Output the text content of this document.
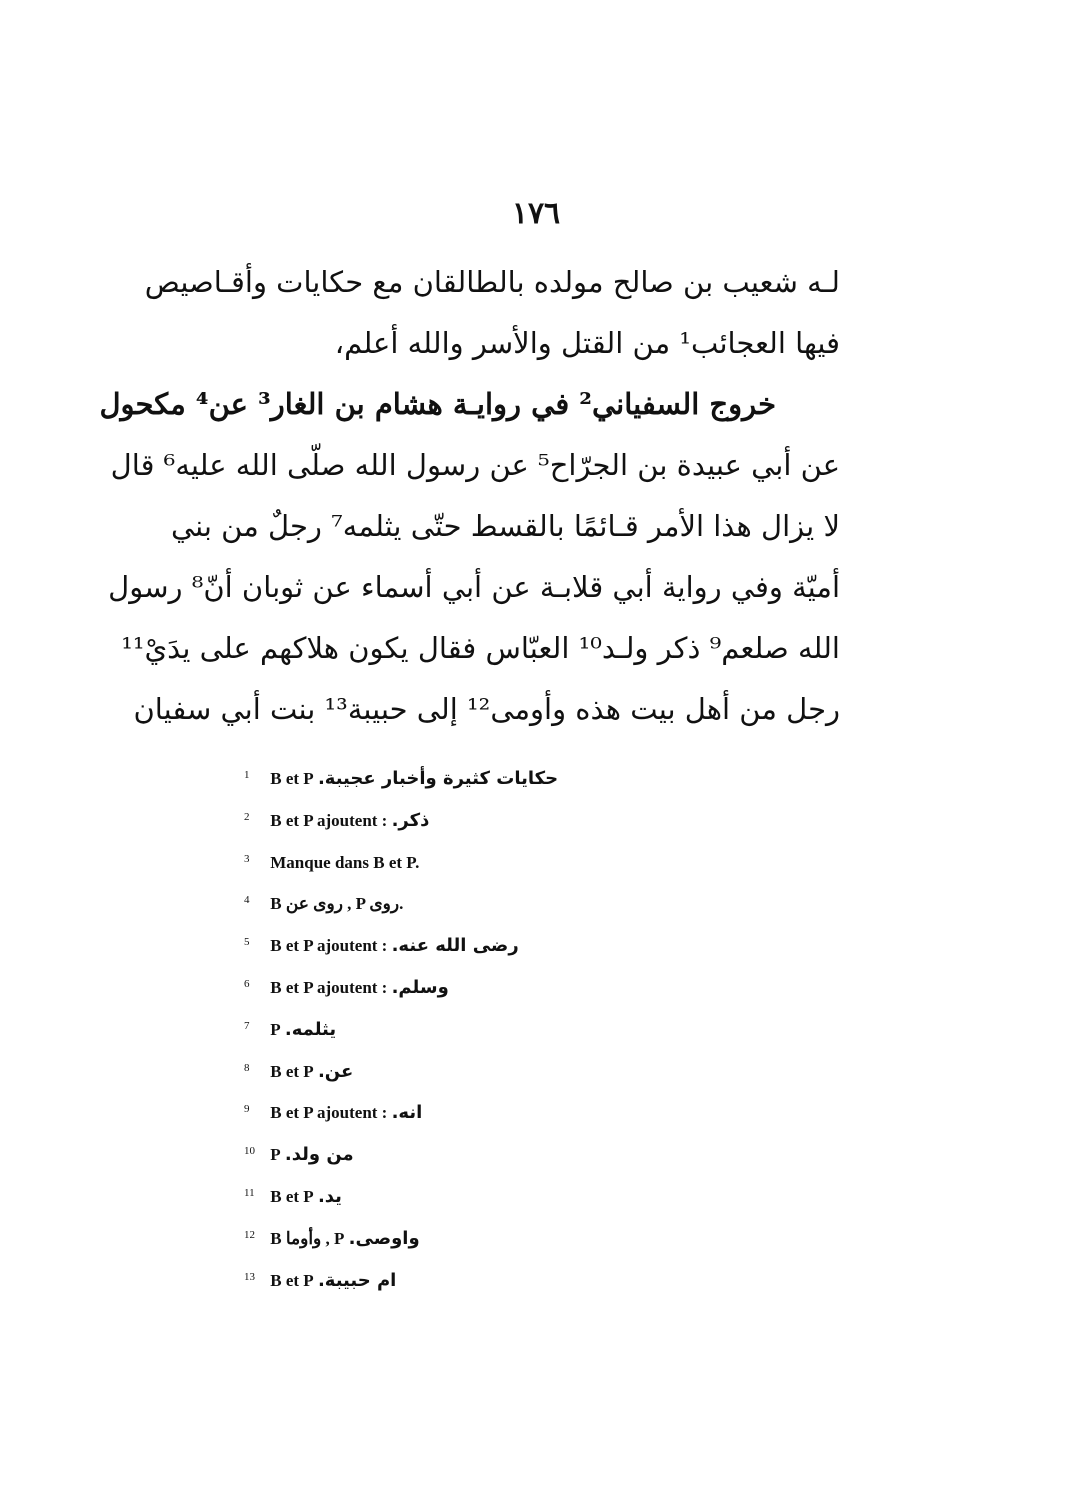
١٧٦
لـه شعيب بن صالح مولده بالطالقان مع حكايات وأقـاصيص
فيها العجائب¹ من القتل والأسر والله أعلم،
خروج السفياني² في روايـة هشام بن الغار³ عن⁴ مكحول
عن أبي عبيدة بن الجرّاح⁵ عن رسول الله صلّى الله عليه⁶ قال
لا يزال هذا الأمر قـائمًا بالقسط حتّى يثلمه⁷ رجلٌ من بني
أميّة وفي رواية أبي قلابـة عن أبي أسماء عن ثوبان أنّ⁸ رسول
الله صلعم⁹ ذكر ولـد¹⁰ العبّاس فقال يكون هلاكهم على يدَيْ¹¹
رجل من أهل بيت هذه وأومى¹² إلى حبيبة¹³ بنت أبي سفيان
1 B et P حكايات كثيرة وأخبار عجيبة.
2 B et P ajoutent : ذكر.
3 Manque dans B et P.
4 B روى عن , P روى.
5 B et P ajoutent : رضى الله عنه.
6 B et P ajoutent : وسلم.
7 P يثلمه.
8 B et P عن.
9 B et P ajoutent : انه.
10 P من ولد.
11 B et P يد.
12 B وأوما , P واوصى.
13 B et P ام حبيبة.
